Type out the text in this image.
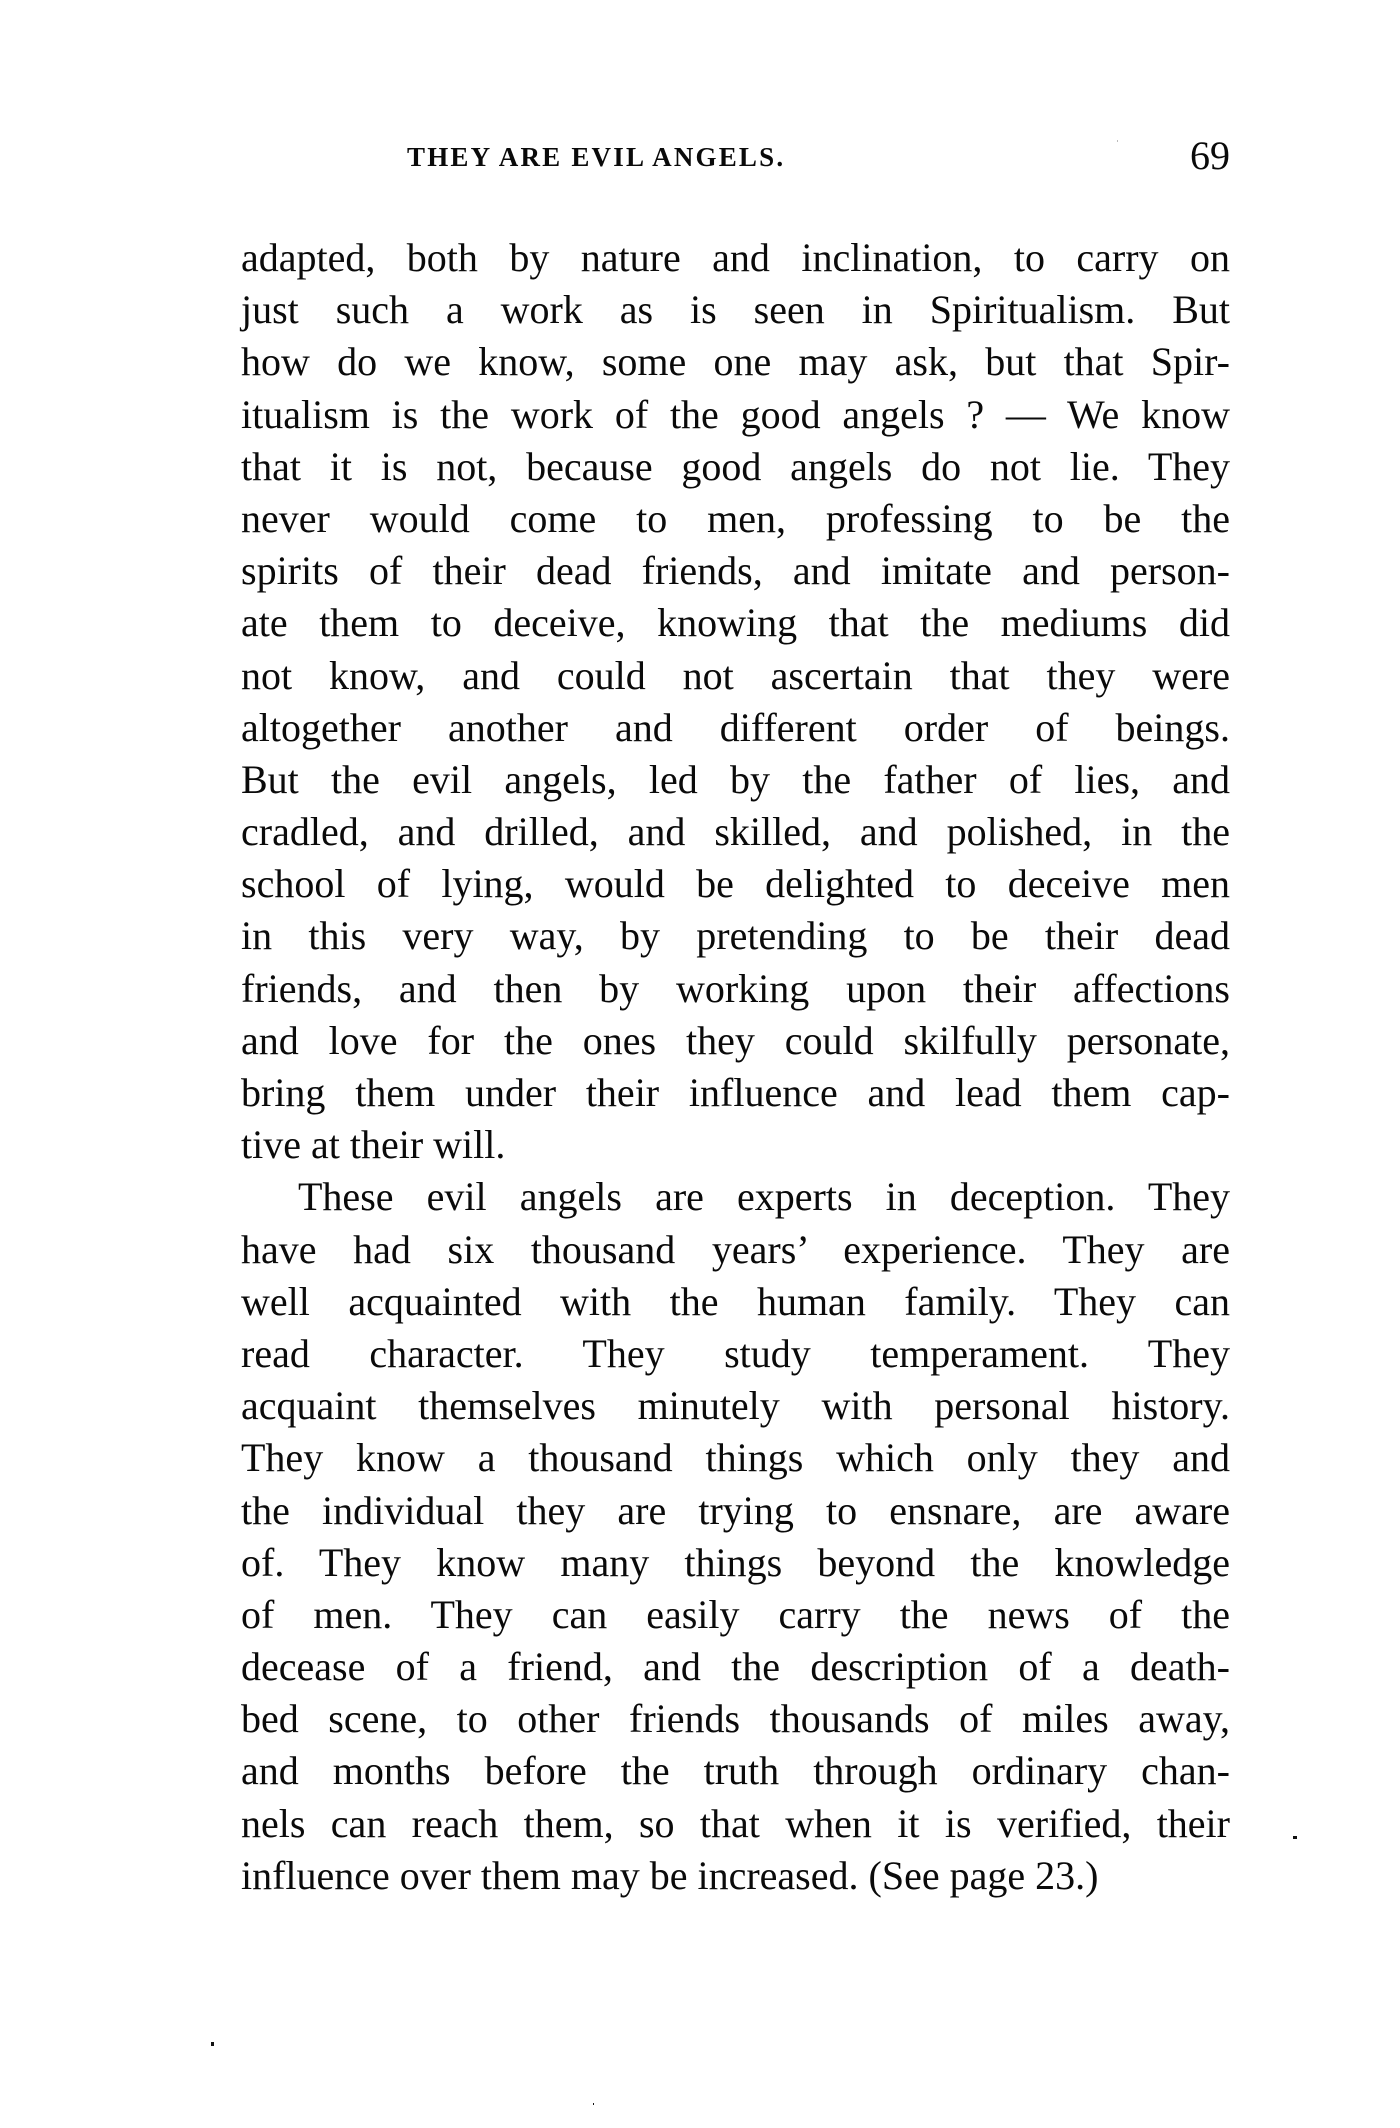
THEY ARE EVIL ANGELS.	69
adapted, both by nature and inclination, to carry on
just such a work as is seen in Spiritualism. But
how do we know, some one may ask, but that Spir-
itualism is the work of the good angels ? — We know
that it is not, because good angels do not lie. They
never would come to men, professing to be the
spirits of their dead friends, and imitate and person-
ate them to deceive, knowing that the mediums did
not know, and could not ascertain that they were
altogether another and different order of beings.
But the evil angels, led by the father of lies, and
cradled, and drilled, and skilled, and polished, in the
school of lying, would be delighted to deceive men
in this very way, by pretending to be their dead
friends, and then by working upon their affections
and love for the ones they could skilfully personate,
bring them under their influence and lead them cap-
tive at their will.
These evil angels are experts in deception. They
have had six thousand years’ experience. They are
well acquainted with the human family. They can
read character. They study temperament. They
acquaint themselves minutely with personal history.
They know a thousand things which only they and
the individual they are trying to ensnare, are aware
of. They know many things beyond the knowledge
of men. They can easily carry the news of the
decease of a friend, and the description of a death-
bed scene, to other friends thousands of miles away,
and months before the truth through ordinary chan-
nels can reach them, so that when it is verified, their
influence over them may be increased. (See page 23.)
